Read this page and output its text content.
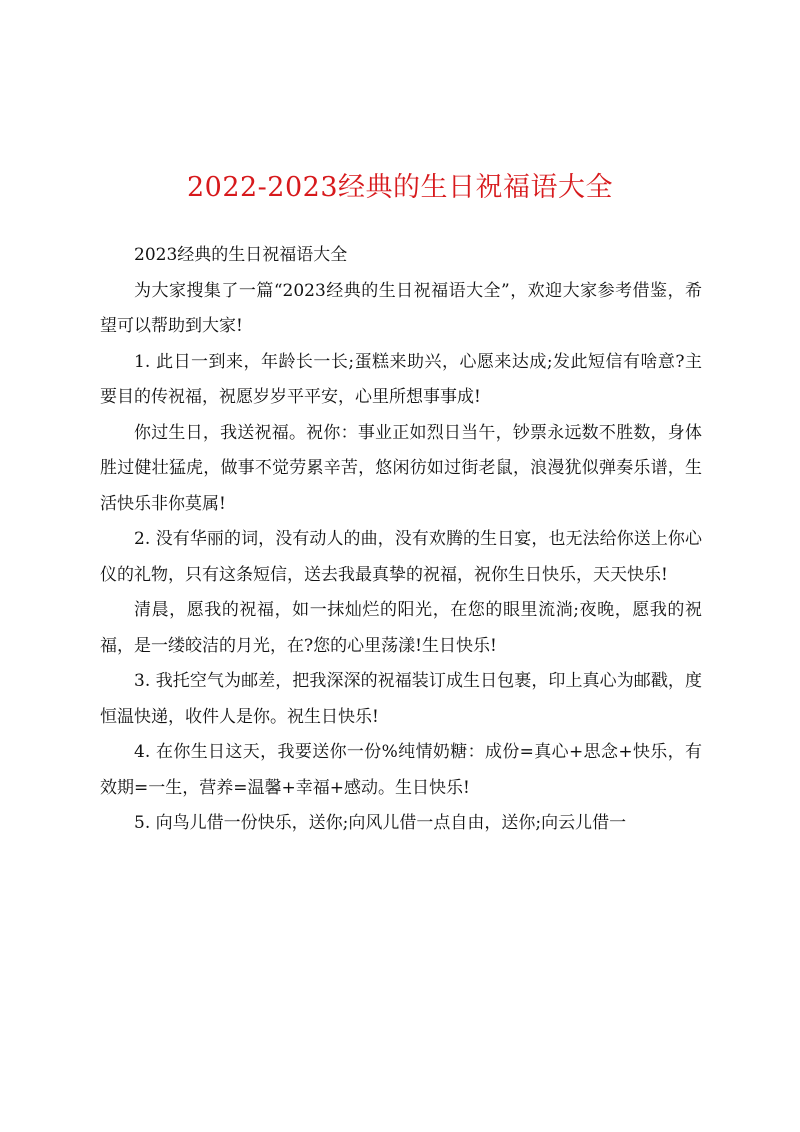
2022-2023经典的生日祝福语大全

2023经典的生日祝福语大全

为大家搜集了一篇“2023经典的生日祝福语大全”，欢迎大家参考借鉴，希望可以帮助到大家!

1. 此日一到来，年龄长一长;蛋糕来助兴，心愿来达成;发此短信有啥意?主要目的传祝福，祝愿岁岁平平安，心里所想事事成!

你过生日，我送祝福。祝你：事业正如烈日当午，钞票永远数不胜数，身体胜过健壮猛虎，做事不觉劳累辛苦，悠闲彷如过街老鼠，浪漫犹似弹奏乐谱，生活快乐非你莫属!

2. 没有华丽的词，没有动人的曲，没有欢腾的生日宴，也无法给你送上你心仪的礼物，只有这条短信，送去我最真挚的祝福，祝你生日快乐，天天快乐!

清晨，愿我的祝福，如一抹灿烂的阳光，在您的眼里流淌;夜晚，愿我的祝福，是一缕皎洁的月光，在?您的心里荡漾!生日快乐!

3. 我托空气为邮差，把我深深的祝福装订成生日包裹，印上真心为邮戳，度恒温快递，收件人是你。祝生日快乐!

4. 在你生日这天，我要送你一份%纯情奶糖：成份=真心+思念+快乐，有效期=一生，营养=温馨+幸福+感动。生日快乐!

5. 向鸟儿借一份快乐，送你;向风儿借一点自由，送你;向云儿借一
